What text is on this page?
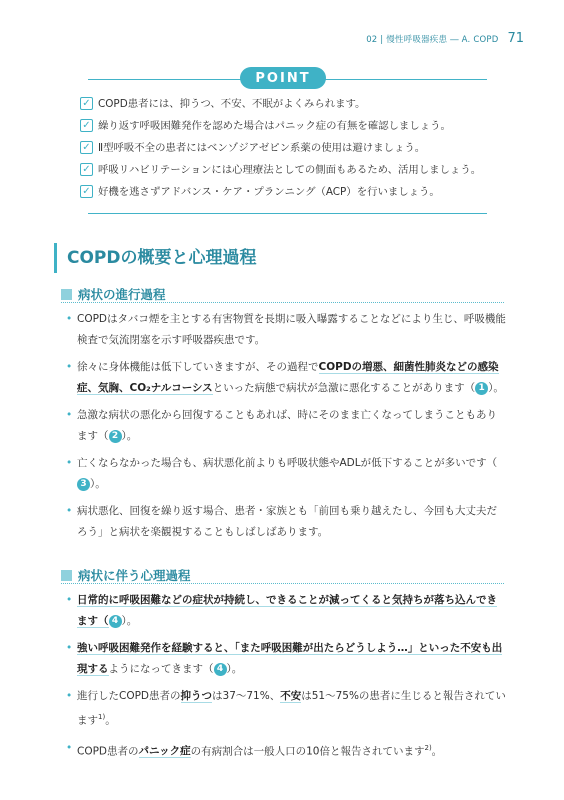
02 | 慢性呼吸器疾患 ― A. COPD 71
POINT
✓ COPD患者には、抑うつ、不安、不眠がよくみられます。
✓ 繰り返す呼吸困難発作を認めた場合はパニック症の有無を確認しましょう。
✓ Ⅱ型呼吸不全の患者にはベンゾジアゼピン系薬の使用は避けましょう。
✓ 呼吸リハビリテーションには心理療法としての側面もあるため、活用しましょう。
✓ 好機を逃さずアドバンス・ケア・プランニング（ACP）を行いましょう。
COPDの概要と心理過程
病状の進行過程
• COPDはタバコ煙を主とする有害物質を長期に吸入曝露することなどにより生じ、呼吸機能検査で気流閉塞を示す呼吸器疾患です。
• 徐々に身体機能は低下していきますが、その過程でCOPDの増悪、細菌性肺炎などの感染症、気胸、CO₂ナルコーシスといった病態で病状が急激に悪化することがあります（ 1 ）。
• 急激な病状の悪化から回復することもあれば、時にそのまま亡くなってしまうこともあります（ 2 ）。
• 亡くならなかった場合も、病状悪化前よりも呼吸状態やADLが低下することが多いです（3 ）。
• 病状悪化、回復を繰り返す場合、患者・家族とも「前回も乗り越えたし、今回も大丈夫だろう」と病状を楽観視することもしばしばあります。
病状に伴う心理過程
• 日常的に呼吸困難などの症状が持続し、できることが減ってくると気持ちが落ち込んできます（ 4 ）。
• 強い呼吸困難発作を経験すると、「また呼吸困難が出たらどうしよう…」といった不安も出現するようになってきます（ 4 ）。
• 進行したCOPD患者の抑うつは37〜71%、不安は51〜75%の患者に生じると報告されています$^{1)}$。
• COPD患者のパニック症の有病割合は一般人口の10倍と報告されています$^{2)}$。
